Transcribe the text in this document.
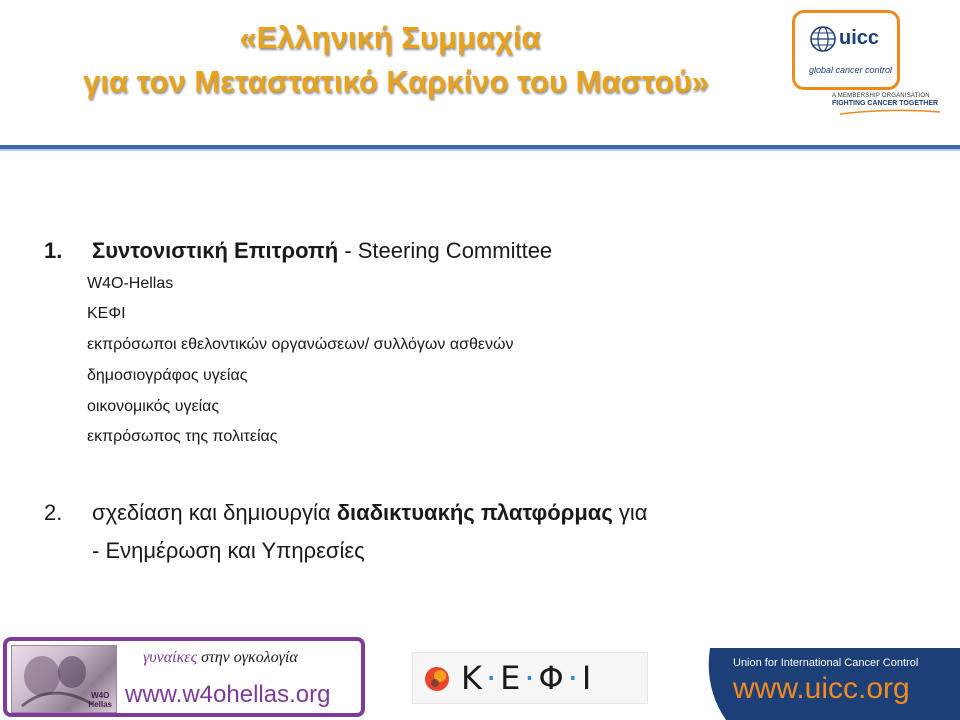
«Ελληνική Συμμαχία
για τον Μεταστατικό Καρκίνο του Μαστού»
uicc
global cancer control
A MEMBERSHIP ORGANISATION
FIGHTING CANCER TOGETHER
1. Συντονιστική Επιτροπή - Steering Committee
W4O-Hellas
ΚΕΦΙ
εκπρόσωποι εθελοντικών οργανώσεων/ συλλόγων ασθενών
δημοσιογράφος υγείας
οικονομικός υγείας
εκπρόσωπος της πολιτείας
2. σχεδίαση και δημιουργία διαδικτυακής πλατφόρμας για
- Ενημέρωση και Υπηρεσίες
W4O
Hellas
γυναίκες στην ογκολογία
www.w4ohellas.org	Κ·Ε·Φ·Ι	Union for International Cancer Control
www.uicc.org
